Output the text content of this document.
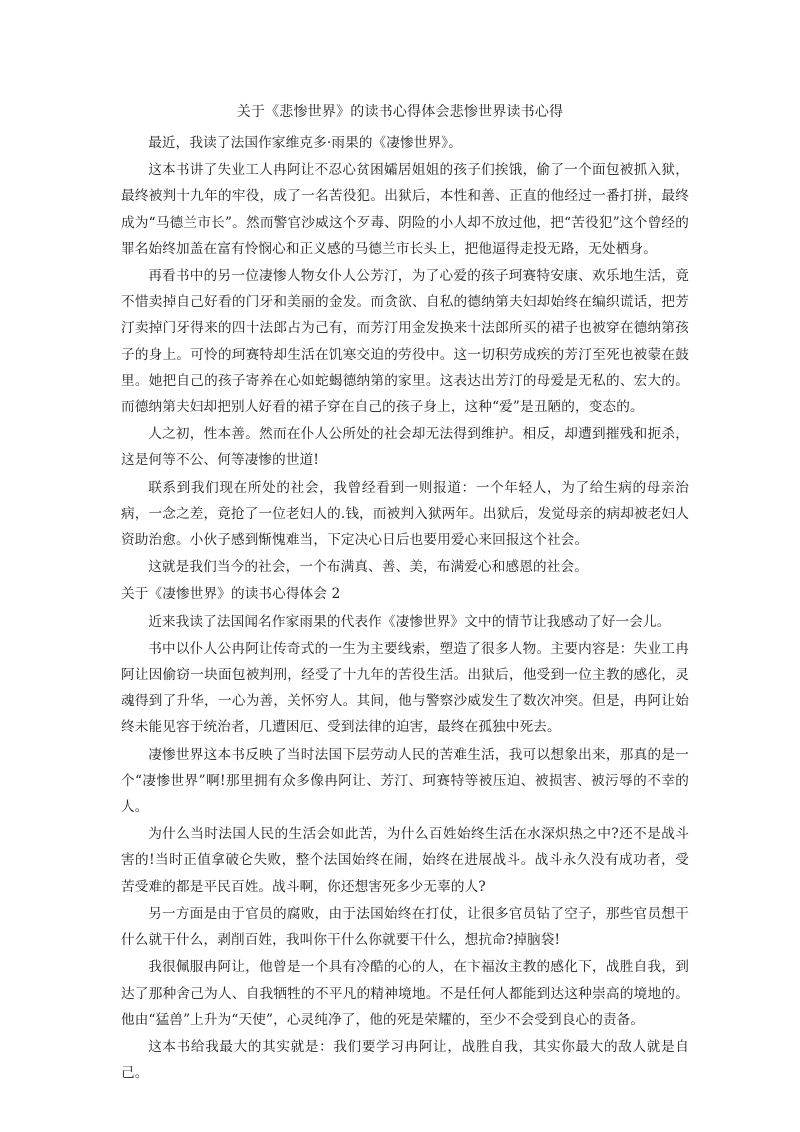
关于《悲惨世界》的读书心得体会悲惨世界读书心得

最近，我读了法国作家维克多·雨果的《凄惨世界》。

这本书讲了失业工人冉阿让不忍心贫困孀居姐姐的孩子们挨饿，偷了一个面包被抓入狱，最终被判十九年的牢役，成了一名苦役犯。出狱后，本性和善、正直的他经过一番打拼，最终成为“马德兰市长”。然而警官沙威这个歹毒、阴险的小人却不放过他，把“苦役犯”这个曾经的罪名始终加盖在富有怜悯心和正义感的马德兰市长头上，把他逼得走投无路，无处栖身。

再看书中的另一位凄惨人物女仆人公芳汀，为了心爱的孩子珂赛特安康、欢乐地生活，竟不惜卖掉自己好看的门牙和美丽的金发。而贪欲、自私的德纳第夫妇却始终在编织谎话，把芳汀卖掉门牙得来的四十法郎占为己有，而芳汀用金发换来十法郎所买的裙子也被穿在德纳第孩子的身上。可怜的珂赛特却生活在饥寒交迫的劳役中。这一切积劳成疾的芳汀至死也被蒙在鼓里。她把自己的孩子寄养在心如蛇蝎德纳第的家里。这表达出芳汀的母爱是无私的、宏大的。而德纳第夫妇却把别人好看的裙子穿在自己的孩子身上，这种“爱”是丑陋的，变态的。

人之初，性本善。然而在仆人公所处的社会却无法得到维护。相反，却遭到摧残和扼杀，这是何等不公、何等凄惨的世道!

联系到我们现在所处的社会，我曾经看到一则报道：一个年轻人，为了给生病的母亲治病，一念之差，竟抢了一位老妇人的.钱，而被判入狱两年。出狱后，发觉母亲的病却被老妇人资助治愈。小伙子感到惭愧难当，下定决心日后也要用爱心来回报这个社会。

这就是我们当今的社会，一个布满真、善、美，布满爱心和感恩的社会。

关于《凄惨世界》的读书心得体会 2

近来我读了法国闻名作家雨果的代表作《凄惨世界》文中的情节让我感动了好一会儿。

书中以仆人公冉阿让传奇式的一生为主要线索，塑造了很多人物。主要内容是：失业工冉阿让因偷窃一块面包被判刑，经受了十九年的苦役生活。出狱后，他受到一位主教的感化，灵魂得到了升华，一心为善，关怀穷人。其间，他与警察沙威发生了数次冲突。但是，冉阿让始终未能见容于统治者，几遭困厄、受到法律的迫害，最终在孤独中死去。

凄惨世界这本书反映了当时法国下层劳动人民的苦难生活，我可以想象出来，那真的是一个“凄惨世界”啊!那里拥有众多像冉阿让、芳汀、珂赛特等被压迫、被损害、被污辱的不幸的人。

为什么当时法国人民的生活会如此苦，为什么百姓始终生活在水深炽热之中?还不是战斗害的!当时正值拿破仑失败，整个法国始终在闹，始终在进展战斗。战斗永久没有成功者，受苦受难的都是平民百姓。战斗啊，你还想害死多少无辜的人?

另一方面是由于官员的腐败，由于法国始终在打仗，让很多官员钻了空子，那些官员想干什么就干什么，剥削百姓，我叫你干什么你就要干什么，想抗命?掉脑袋!

我很佩服冉阿让，他曾是一个具有冷酷的心的人，在卞福汝主教的感化下，战胜自我，到达了那种舍己为人、自我牺牲的不平凡的精神境地。不是任何人都能到达这种崇高的境地的。他由“猛兽”上升为“天使”，心灵纯净了，他的死是荣耀的，至少不会受到良心的责备。

这本书给我最大的其实就是：我们要学习冉阿让，战胜自我，其实你最大的敌人就是自己。
